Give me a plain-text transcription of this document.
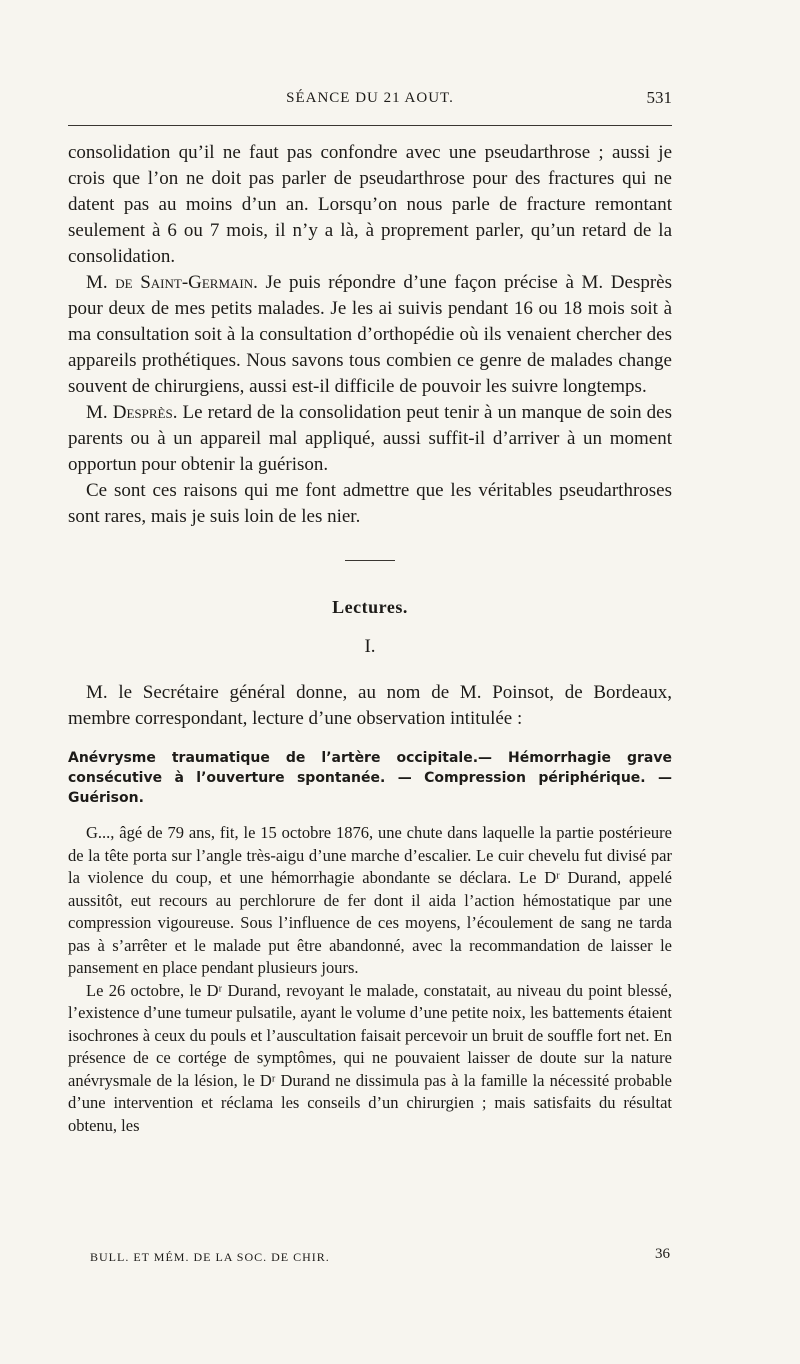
SÉANCE DU 21 AOUT.	531

consolidation qu’il ne faut pas confondre avec une pseudarthrose ; aussi je crois que l’on ne doit pas parler de pseudarthrose pour des fractures qui ne datent pas au moins d’un an. Lorsqu’on nous parle de fracture remontant seulement à 6 ou 7 mois, il n’y a là, à proprement parler, qu’un retard de la consolidation.

M. de Saint-Germain. Je puis répondre d’une façon précise à M. Desprès pour deux de mes petits malades. Je les ai suivis pendant 16 ou 18 mois soit à ma consultation soit à la consultation d’orthopédie où ils venaient chercher des appareils prothétiques. Nous savons tous combien ce genre de malades change souvent de chirurgiens, aussi est-il difficile de pouvoir les suivre longtemps.

M. Desprès. Le retard de la consolidation peut tenir à un manque de soin des parents ou à un appareil mal appliqué, aussi suffit-il d’arriver à un moment opportun pour obtenir la guérison.

Ce sont ces raisons qui me font admettre que les véritables pseudarthroses sont rares, mais je suis loin de les nier.

Lectures.
I.

M. le Secrétaire général donne, au nom de M. Poinsot, de Bordeaux, membre correspondant, lecture d’une observation intitulée :

Anévrysme traumatique de l’artère occipitale.— Hémorrhagie grave consécutive à l’ouverture spontanée. — Compression périphérique. — Guérison.

G..., âgé de 79 ans, fit, le 15 octobre 1876, une chute dans laquelle la partie postérieure de la tête porta sur l’angle très-aigu d’une marche d’escalier. Le cuir chevelu fut divisé par la violence du coup, et une hémorrhagie abondante se déclara. Le Dʳ Durand, appelé aussitôt, eut recours au perchlorure de fer dont il aida l’action hémostatique par une compression vigoureuse. Sous l’influence de ces moyens, l’écoulement de sang ne tarda pas à s’arrêter et le malade put être abandonné, avec la recommandation de laisser le pansement en place pendant plusieurs jours.

Le 26 octobre, le Dʳ Durand, revoyant le malade, constatait, au niveau du point blessé, l’existence d’une tumeur pulsatile, ayant le volume d’une petite noix, les battements étaient isochrones à ceux du pouls et l’auscultation faisait percevoir un bruit de souffle fort net. En présence de ce cortége de symptômes, qui ne pouvaient laisser de doute sur la nature anévrysmale de la lésion, le Dʳ Durand ne dissimula pas à la famille la nécessité probable d’une intervention et réclama les conseils d’un chirurgien ; mais satisfaits du résultat obtenu, les

BULL. ET MÉM. DE LA SOC. DE CHIR.	36
